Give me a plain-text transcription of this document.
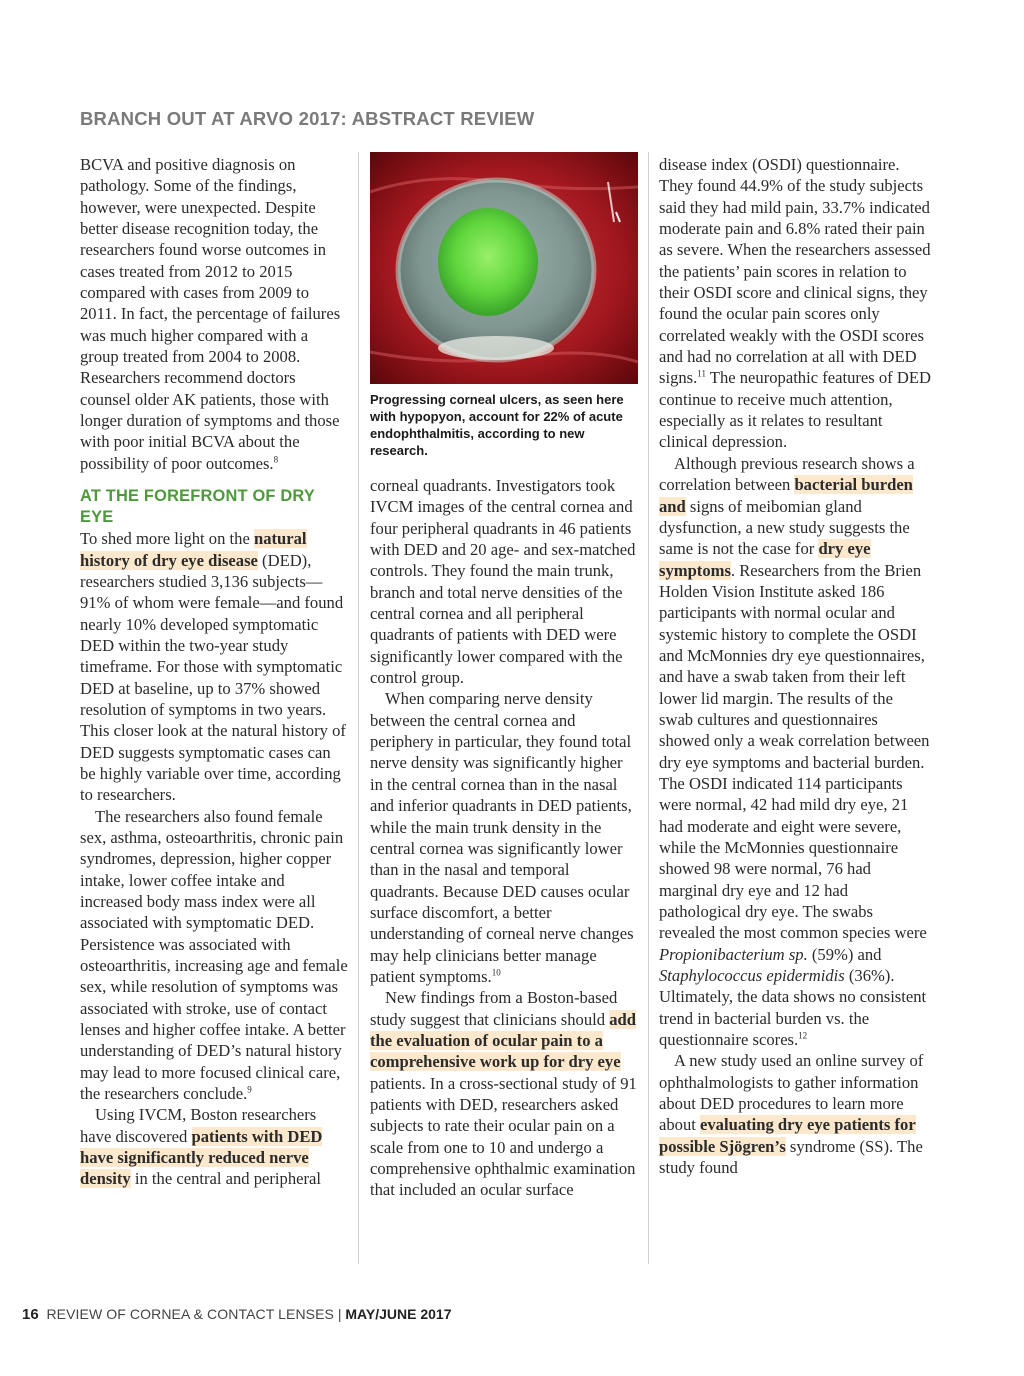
BRANCH OUT AT ARVO 2017: ABSTRACT REVIEW

BCVA and positive diagnosis on pathology. Some of the findings, however, were unexpected. Despite better disease recognition today, the researchers found worse outcomes in cases treated from 2012 to 2015 compared with cases from 2009 to 2011. In fact, the percentage of failures was much higher compared with a group treated from 2004 to 2008. Researchers recommend doctors counsel older AK patients, those with longer duration of symptoms and those with poor initial BCVA about the possibility of poor outcomes.$^8$

AT THE FOREFRONT OF DRY EYE

To shed more light on the natural history of dry eye disease (DED), researchers studied 3,136 subjects—91% of whom were female—and found nearly 10% developed symptomatic DED within the two-year study timeframe. For those with symptomatic DED at baseline, up to 37% showed resolution of symptoms in two years. This closer look at the natural history of DED suggests symptomatic cases can be highly variable over time, according to researchers.

The researchers also found female sex, asthma, osteoarthritis, chronic pain syndromes, depression, higher copper intake, lower coffee intake and increased body mass index were all associated with symptomatic DED. Persistence was associated with osteoarthritis, increasing age and female sex, while resolution of symptoms was associated with stroke, use of contact lenses and higher coffee intake. A better understanding of DED’s natural history may lead to more focused clinical care, the researchers conclude.$^9$

Using IVCM, Boston researchers have discovered patients with DED have significantly reduced nerve density in the central and peripheral

Progressing corneal ulcers, as seen here with hypopyon, account for 22% of acute endophthalmitis, according to new research.

corneal quadrants. Investigators took IVCM images of the central cornea and four peripheral quadrants in 46 patients with DED and 20 age- and sex-matched controls. They found the main trunk, branch and total nerve densities of the central cornea and all peripheral quadrants of patients with DED were significantly lower compared with the control group.

When comparing nerve density between the central cornea and periphery in particular, they found total nerve density was significantly higher in the central cornea than in the nasal and inferior quadrants in DED patients, while the main trunk density in the central cornea was significantly lower than in the nasal and temporal quadrants. Because DED causes ocular surface discomfort, a better understanding of corneal nerve changes may help clinicians better manage patient symptoms.$^{10}$

New findings from a Boston-based study suggest that clinicians should add the evaluation of ocular pain to a comprehensive work up for dry eye patients. In a cross-sectional study of 91 patients with DED, researchers asked subjects to rate their ocular pain on a scale from one to 10 and undergo a comprehensive ophthalmic examination that included an ocular surface

disease index (OSDI) questionnaire. They found 44.9% of the study subjects said they had mild pain, 33.7% indicated moderate pain and 6.8% rated their pain as severe. When the researchers assessed the patients’ pain scores in relation to their OSDI score and clinical signs, they found the ocular pain scores only correlated weakly with the OSDI scores and had no correlation at all with DED signs.$^{11}$ The neuropathic features of DED continue to receive much attention, especially as it relates to resultant clinical depression.

Although previous research shows a correlation between bacterial burden and signs of meibomian gland dysfunction, a new study suggests the same is not the case for dry eye symptoms. Researchers from the Brien Holden Vision Institute asked 186 participants with normal ocular and systemic history to complete the OSDI and McMonnies dry eye questionnaires, and have a swab taken from their left lower lid margin. The results of the swab cultures and questionnaires showed only a weak correlation between dry eye symptoms and bacterial burden. The OSDI indicated 114 participants were normal, 42 had mild dry eye, 21 had moderate and eight were severe, while the McMonnies questionnaire showed 98 were normal, 76 had marginal dry eye and 12 had pathological dry eye. The swabs revealed the most common species were Propionibacterium sp. (59%) and Staphylococcus epidermidis (36%). Ultimately, the data shows no consistent trend in bacterial burden vs. the questionnaire scores.$^{12}$

A new study used an online survey of ophthalmologists to gather information about DED procedures to learn more about evaluating dry eye patients for possible Sjögren’s syndrome (SS). The study found

16 REVIEW OF CORNEA & CONTACT LENSES | MAY/JUNE 2017
